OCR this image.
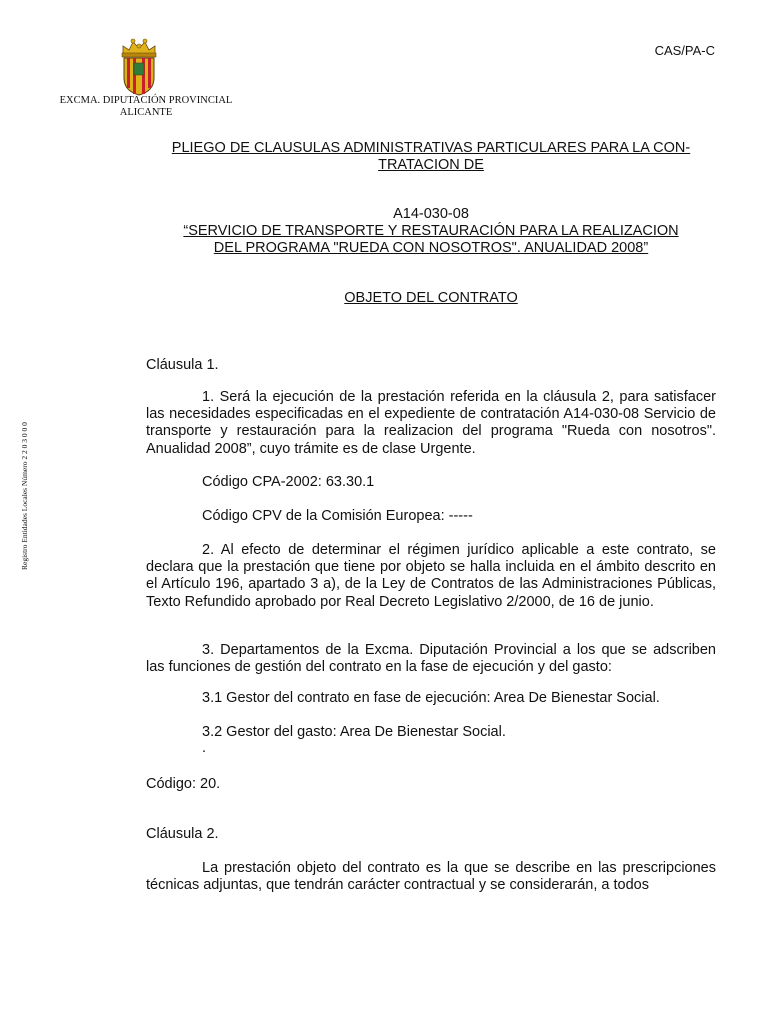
CAS/PA-C
EXCMA. DIPUTACIÓN PROVINCIAL
ALICANTE
Registro Entidades Locales Número 2 2 0 3 0 0 0
PLIEGO DE CLAUSULAS ADMINISTRATIVAS PARTICULARES PARA LA CON-
TRATACION DE
A14-030-08
“SERVICIO DE TRANSPORTE Y RESTAURACIÓN PARA LA REALIZACION
DEL PROGRAMA "RUEDA CON NOSOTROS". ANUALIDAD 2008”
OBJETO DEL CONTRATO
Cláusula 1.
1. Será la ejecución de la prestación referida en la cláusula 2, para satisfacer las necesidades especificadas en el expediente de contratación A14-030-08 Servicio de transporte y restauración para la realizacion del programa "Rueda con nosotros". Anualidad 2008”, cuyo trámite es de clase Urgente.
Código CPA-2002: 63.30.1
Código CPV de la Comisión Europea: -----
2. Al efecto de determinar el régimen jurídico aplicable a este contrato, se declara que la prestación que tiene por objeto se halla incluida en el ámbito descrito en el Artículo 196, apartado 3 a), de la Ley de Contratos de las Administraciones Públicas, Texto Refundido aprobado por Real Decreto Legislativo 2/2000, de 16 de junio.
3. Departamentos de la Excma. Diputación Provincial a los que se adscriben las funciones de gestión del contrato en la fase de ejecución y del gasto:
3.1 Gestor del contrato en fase de ejecución: Area De Bienestar Social.
3.2 Gestor del gasto: Area De Bienestar Social.
.
Código: 20.
Cláusula 2.
La prestación objeto del contrato es la que se describe en las prescripciones técnicas adjuntas, que tendrán carácter contractual y se considerarán, a todos
